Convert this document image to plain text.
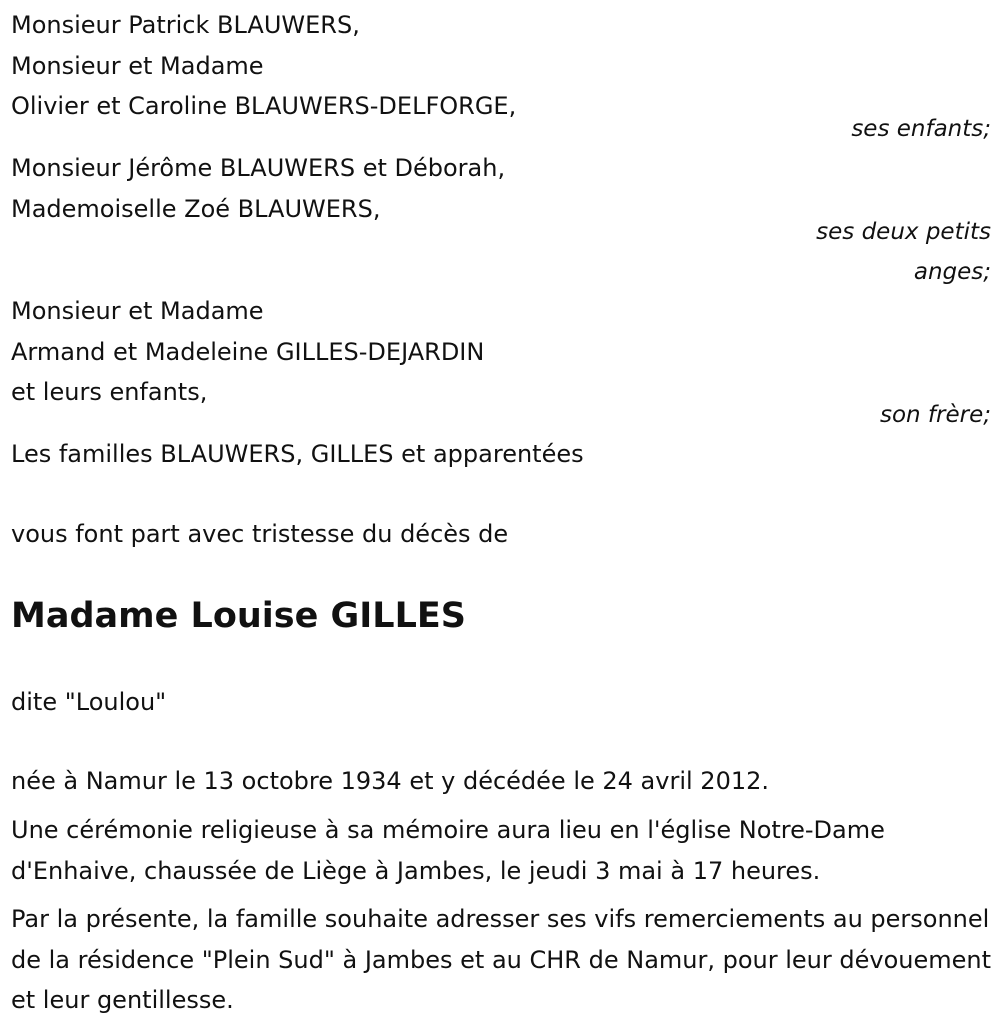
Monsieur Patrick BLAUWERS,
Monsieur et Madame
Olivier et Caroline BLAUWERS-DELFORGE,
ses enfants;
Monsieur Jérôme BLAUWERS et Déborah,
Mademoiselle Zoé BLAUWERS,
ses deux petits
anges;
Monsieur et Madame
Armand et Madeleine GILLES-DEJARDIN
et leurs enfants,
son frère;
Les familles BLAUWERS, GILLES et apparentées
vous font part avec tristesse du décès de
Madame Louise GILLES
dite "Loulou"
née à Namur le 13 octobre 1934 et y décédée le 24 avril 2012.
Une cérémonie religieuse à sa mémoire aura lieu en l'église Notre-Dame d'Enhaive, chaussée de Liège à Jambes, le jeudi 3 mai à 17 heures.
Par la présente, la famille souhaite adresser ses vifs remerciements au personnel de la résidence "Plein Sud" à Jambes et au CHR de Namur, pour leur dévouement et leur gentillesse.
